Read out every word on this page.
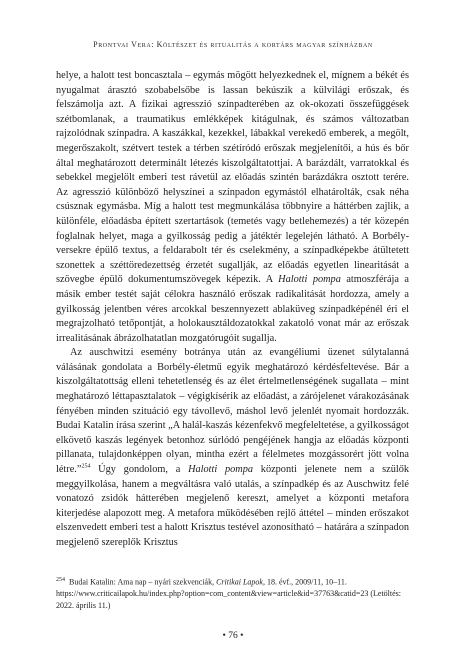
Prontvai Vera: Költészet és ritualitás a kortárs magyar színházban

helye, a halott test boncasztala – egymás mögött helyezkednek el, mígnem a békét és nyugalmat árasztó szobabelsőbe is lassan bekúszik a külvilági erőszak, és felszámolja azt. A fizikai agresszió színpadterében az ok-okozati összefüggések szétbomlanak, a traumatikus emlékképek kitágulnak, és számos változatban rajzolódnak színpadra. A kaszákkal, kezekkel, lábakkal verekedő emberek, a megölt, megerőszakolt, szétvert testek a térben szétíródó erőszak megjelenítői, a hús és bőr által meghatározott determinált létezés kiszolgáltatottjai. A barázdált, varratokkal és sebekkel megjelölt emberi test rávetül az előadás szintén barázdákra osztott terére. Az agresszió különböző helyszínei a színpadon egymástól elhatárolták, csak néha csúsznak egymásba. Míg a halott test megmunkálása többnyire a háttérben zajlik, a különféle, előadásba épített szertartások (temetés vagy betlehemezés) a tér közepén foglalnak helyet, maga a gyilkosság pedig a játéktér legelején látható. A Borbély-versekre épülő textus, a feldarabolt tér és cselekmény, a színpadképekbe átültetett szonettek a széttöredezettség érzetét sugallják, az előadás egyetlen linearitását a szövegbe épülő dokumentumszövegek képezik. A Halotti pompa atmoszférája a másik ember testét saját célokra használó erőszak radikalitását hordozza, amely a gyilkosság jelentben véres arcokkal beszennyezett ablaküveg színpadképénél éri el megrajzolható tetőpontját, a holokausztáldozatokkal zakatoló vonat már az erőszak irrealitásának ábrázolhatatlan mozgatórugóit sugallja.

Az auschwitzi esemény botránya után az evangéliumi üzenet súlytalanná válásának gondolata a Borbély-életmű egyik meghatározó kérdésfeltevése. Bár a kiszolgáltatottság elleni tehetetlenség és az élet értelmetlenségének sugallata – mint meghatározó léttapasztalatok – végigkísérik az előadást, a zárójelenet várakozásának fényében minden szituáció egy távollevő, máshol levő jelenlét nyomait hordozzák. Budai Katalin írása szerint „A halál-kaszás kézenfekvő megfeleltetése, a gyilkosságot elkövető kaszás legények betonhoz súrlódó pengéjének hangja az előadás központi pillanata, tulajdonképpen olyan, mintha ezért a félelmetes mozgássorért jött volna létre.”$^{254}$ Úgy gondolom, a Halotti pompa központi jelenete nem a szülők meggyilkolása, hanem a megváltásra való utalás, a színpadkép és az Auschwitz felé vonatozó zsidók hátterében megjelenő kereszt, amelyet a központi metafora kiterjedése alapozott meg. A metafora működésében rejlő áttétel – minden erőszakot elszenvedett emberi test a halott Krisztus testével azonosítható – határára a színpadon megjelenő szereplők Krisztus

$^{254}$ Budai Katalin: Ama nap – nyári szekvenciák, Critikai Lapok, 18. évf., 2009/11, 10–11. https://www.criticailapok.hu/index.php?option=com_content&view=article&id=37763&catid=23 (Letöltés: 2022. április 11.)
• 76 •
